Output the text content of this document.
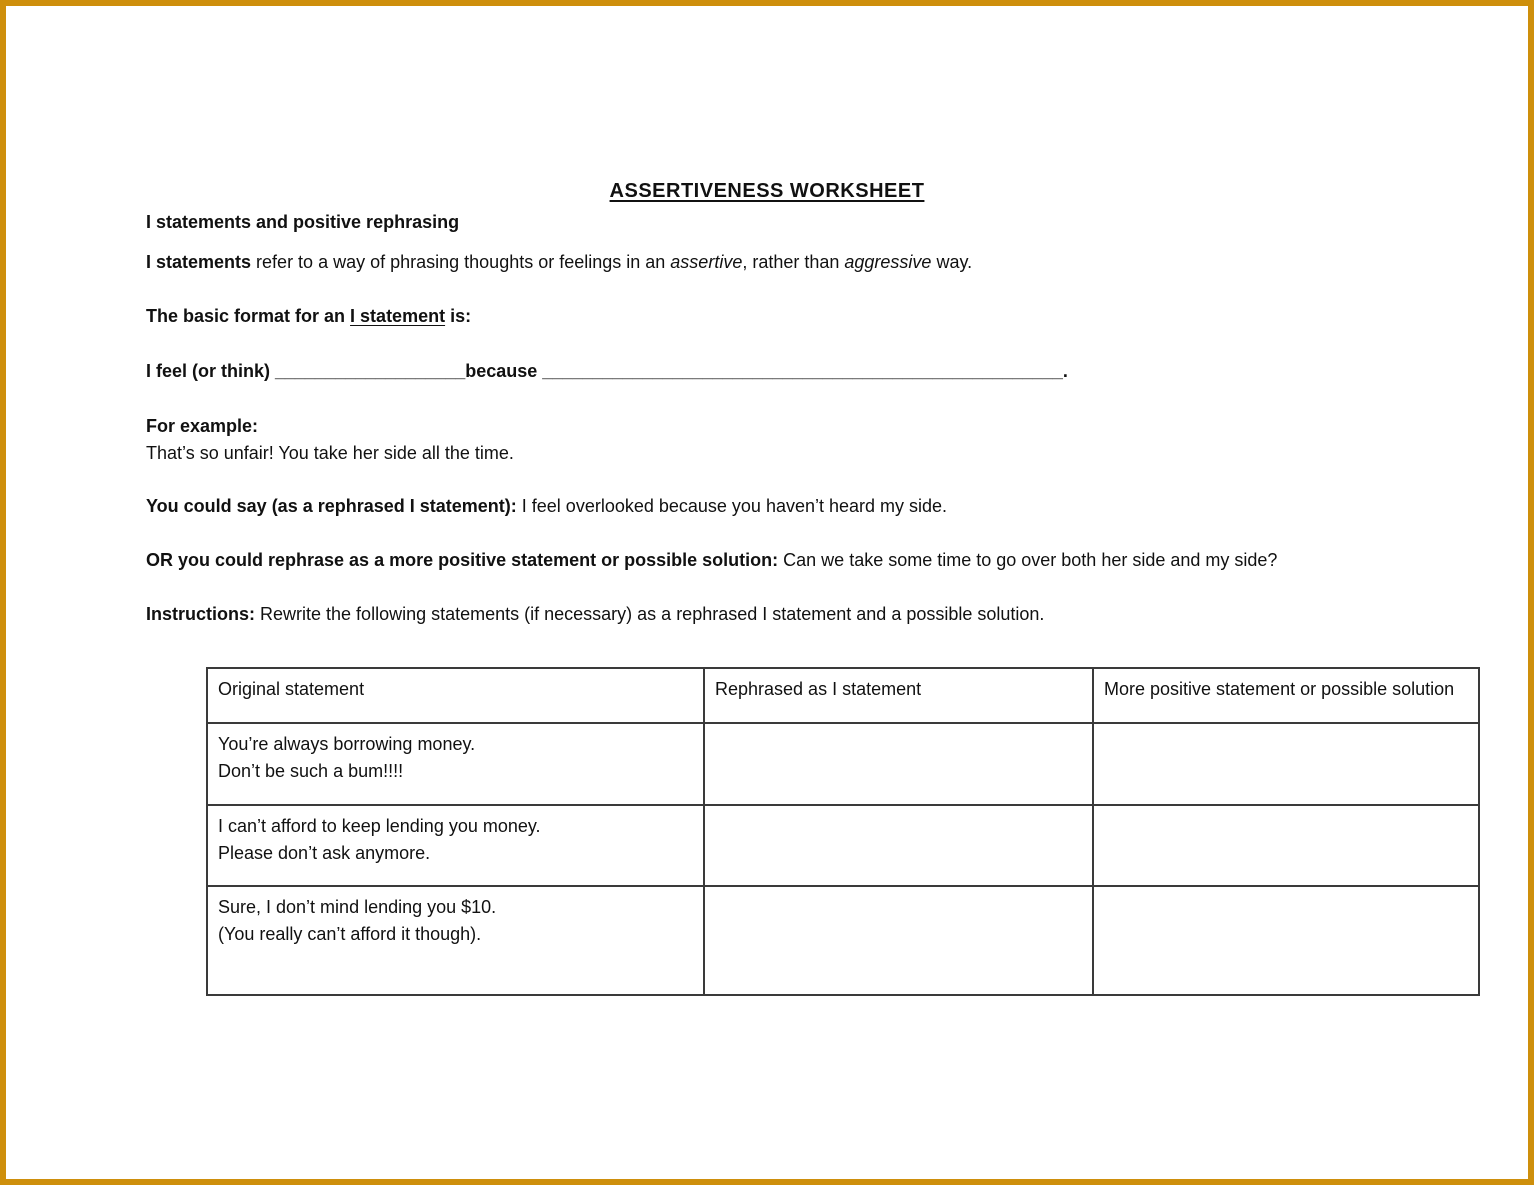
ASSERTIVENESS WORKSHEET
I statements and positive rephrasing

I statements refer to a way of phrasing thoughts or feelings in an assertive, rather than aggressive way.

The basic format for an I statement is:

I feel (or think) ___________________because ____________________________________________________.

For example:
That’s so unfair! You take her side all the time.

You could say (as a rephrased I statement): I feel overlooked because you haven’t heard my side.

OR you could rephrase as a more positive statement or possible solution: Can we take some time to go over both her side and my side?

Instructions: Rewrite the following statements (if necessary) as a rephrased I statement and a possible solution.

Original statement	Rephrased as I statement	More positive statement or possible solution

You’re always borrowing money.
Don’t be such a bum!!!!		

I can’t afford to keep lending you money.
Please don’t ask anymore.		

Sure, I don’t mind lending you $10.
(You really can’t afford it though).		
